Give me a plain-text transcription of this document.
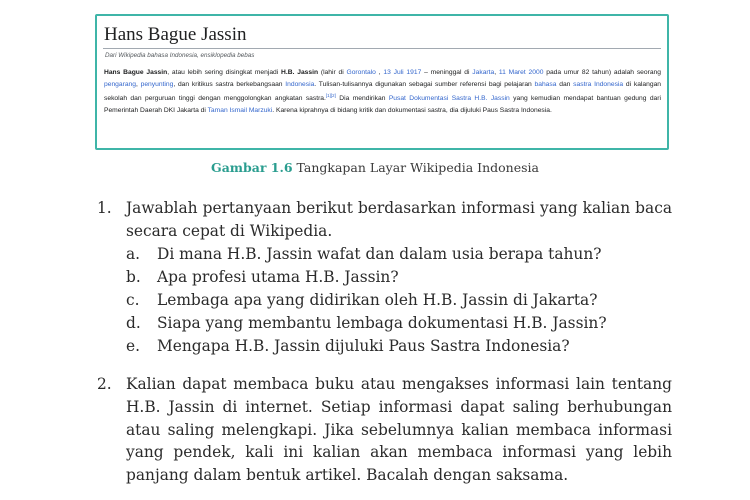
Hans Bague Jassin
Dari Wikipedia bahasa Indonesia, ensiklopedia bebas
Hans Bague Jassin, atau lebih sering disingkat menjadi H.B. Jassin (lahir di Gorontalo , 13 Juli 1917 – meninggal di Jakarta, 11 Maret 2000 pada umur 82 tahun) adalah seorang pengarang, penyunting, dan kritikus sastra berkebangsaan Indonesia. Tulisan-tulisannya digunakan sebagai sumber referensi bagi pelajaran bahasa dan sastra Indonesia di kalangan sekolah dan perguruan tinggi dengan menggolongkan angkatan sastra.[1][2] Dia mendirikan Pusat Dokumentasi Sastra H.B. Jassin yang kemudian mendapat bantuan gedung dari Pemerintah Daerah DKI Jakarta di Taman Ismail Marzuki. Karena kiprahnya di bidang kritik dan dokumentasi sastra, dia dijuluki Paus Sastra Indonesia.
Gambar 1.6 Tangkapan Layar Wikipedia Indonesia
1. Jawablah pertanyaan berikut berdasarkan informasi yang kalian baca secara cepat di Wikipedia.
a. Di mana H.B. Jassin wafat dan dalam usia berapa tahun?
b. Apa profesi utama H.B. Jassin?
c. Lembaga apa yang didirikan oleh H.B. Jassin di Jakarta?
d. Siapa yang membantu lembaga dokumentasi H.B. Jassin?
e. Mengapa H.B. Jassin dijuluki Paus Sastra Indonesia?
2. Kalian dapat membaca buku atau mengakses informasi lain tentang H.B. Jassin di internet. Setiap informasi dapat saling berhubungan atau saling melengkapi. Jika sebelumnya kalian membaca informasi yang pendek, kali ini kalian akan membaca informasi yang lebih panjang dalam bentuk artikel. Bacalah dengan saksama.
